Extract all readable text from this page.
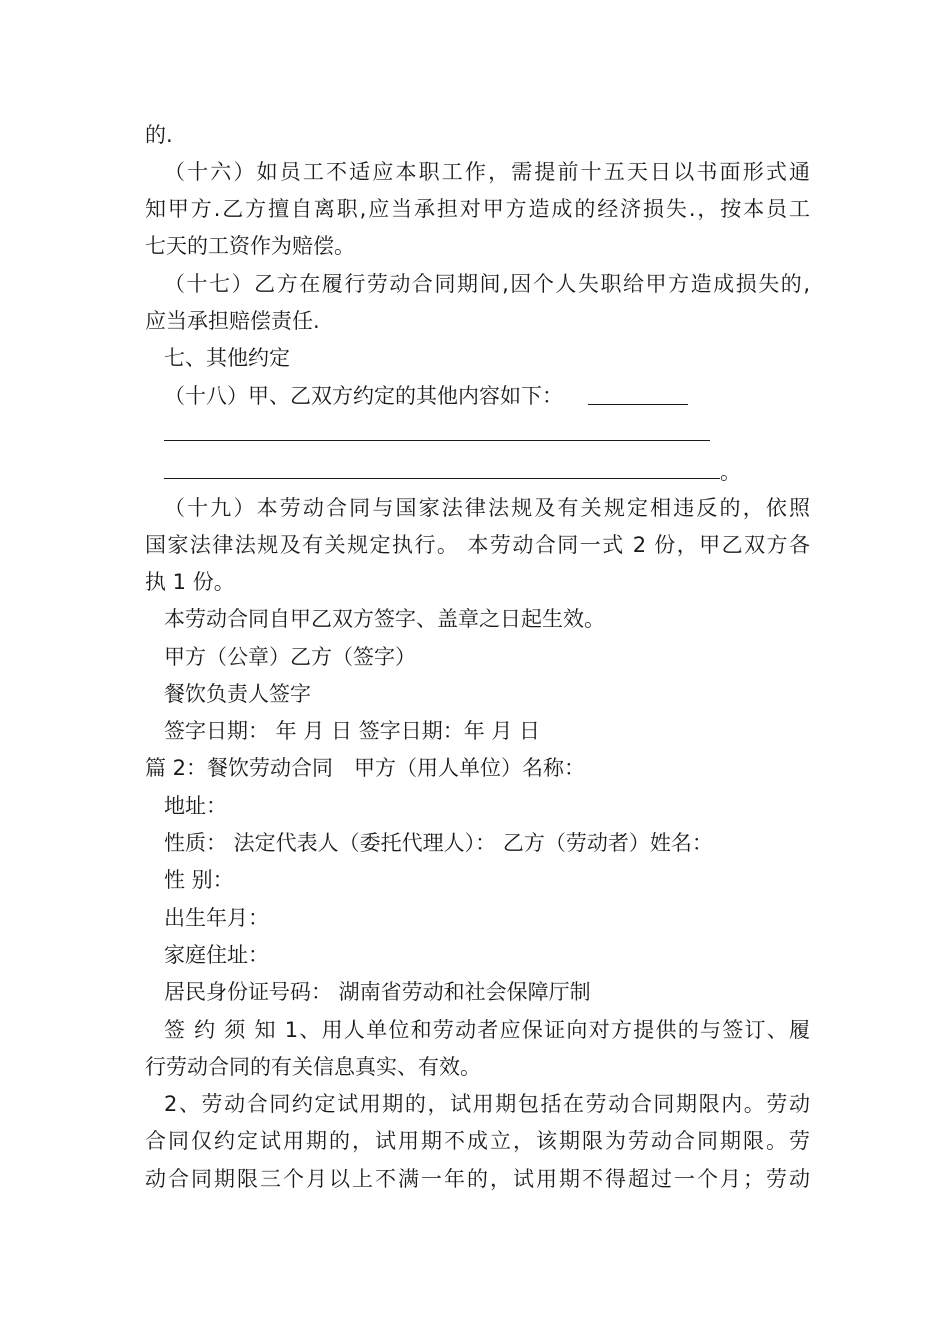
的.
（十六）如员工不适应本职工作，需提前十五天日以书面形式通
知甲方.乙方擅自离职,应当承担对甲方造成的经济损失.，按本员工
七天的工资作为赔偿。
（十七）乙方在履行劳动合同期间,因个人失职给甲方造成损失的,
应当承担赔偿责任.
七、其他约定
（十八）甲、乙双方约定的其他内容如下：
。
（十九）本劳动合同与国家法律法规及有关规定相违反的，依照
国家法律法规及有关规定执行。 本劳动合同一式 2 份，甲乙双方各
执 1 份。
本劳动合同自甲乙双方签字、盖章之日起生效。
甲方（公章）乙方（签字）
餐饮负责人签字
签字日期： 年 月 日 签字日期：年 月 日
篇 2：餐饮劳动合同　甲方（用人单位）名称：
地址：
性质： 法定代表人（委托代理人）： 乙方（劳动者）姓名：
性 别：
出生年月：
家庭住址：
居民身份证号码： 湖南省劳动和社会保障厅制
签 约 须 知 1、用人单位和劳动者应保证向对方提供的与签订、履
行劳动合同的有关信息真实、有效。
2、劳动合同约定试用期的，试用期包括在劳动合同期限内。劳动
合同仅约定试用期的，试用期不成立，该期限为劳动合同期限。劳
动合同期限三个月以上不满一年的，试用期不得超过一个月；劳动
